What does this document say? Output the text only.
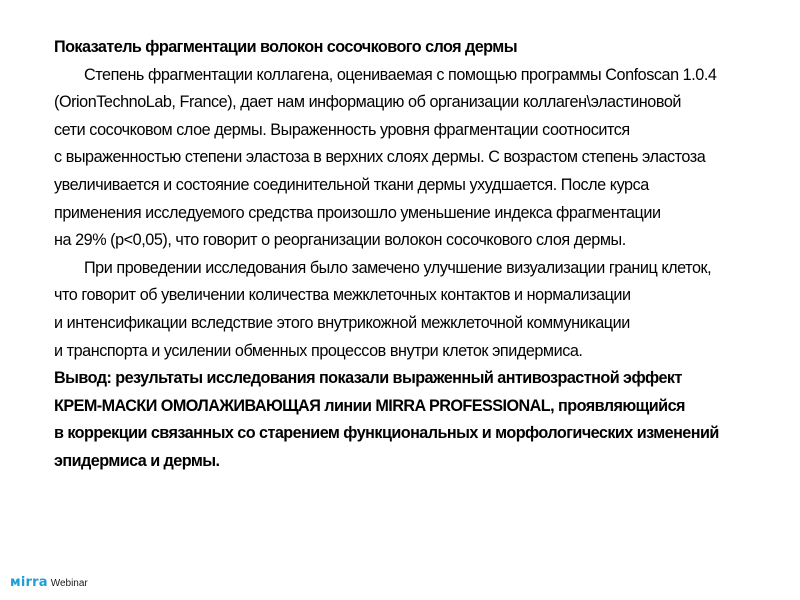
Показатель фрагментации волокон сосочкового слоя дермы
Степень фрагментации коллагена, оцениваемая с помощью программы Confoscan 1.0.4
(OrionTechnoLab, France), дает нам информацию об организации коллаген\эластиновой
сети сосочковом слое дермы. Выраженность уровня фрагментации соотносится
с выраженностью степени эластоза в верхних слоях дермы. С возрастом степень эластоза
увеличивается и состояние соединительной ткани дермы ухудшается. После курса
применения исследуемого средства произошло уменьшение индекса фрагментации
на 29% (p<0,05), что говорит о реорганизации волокон сосочкового слоя дермы.
При проведении исследования было замечено улучшение визуализации границ клеток,
что говорит об увеличении количества межклеточных контактов и нормализации
и интенсификации вследствие этого внутрикожной межклеточной коммуникации
и транспорта и усилении обменных процессов внутри клеток эпидермиса.
Вывод: результаты исследования показали выраженный антивозрастной эффект
КРЕМ-МАСКИ ОМОЛАЖИВАЮЩАЯ линии MIRRA PROFESSIONAL, проявляющийся
в коррекции связанных со старением функциональных и морфологических изменений
эпидермиса и дермы.
мirra Webinar
